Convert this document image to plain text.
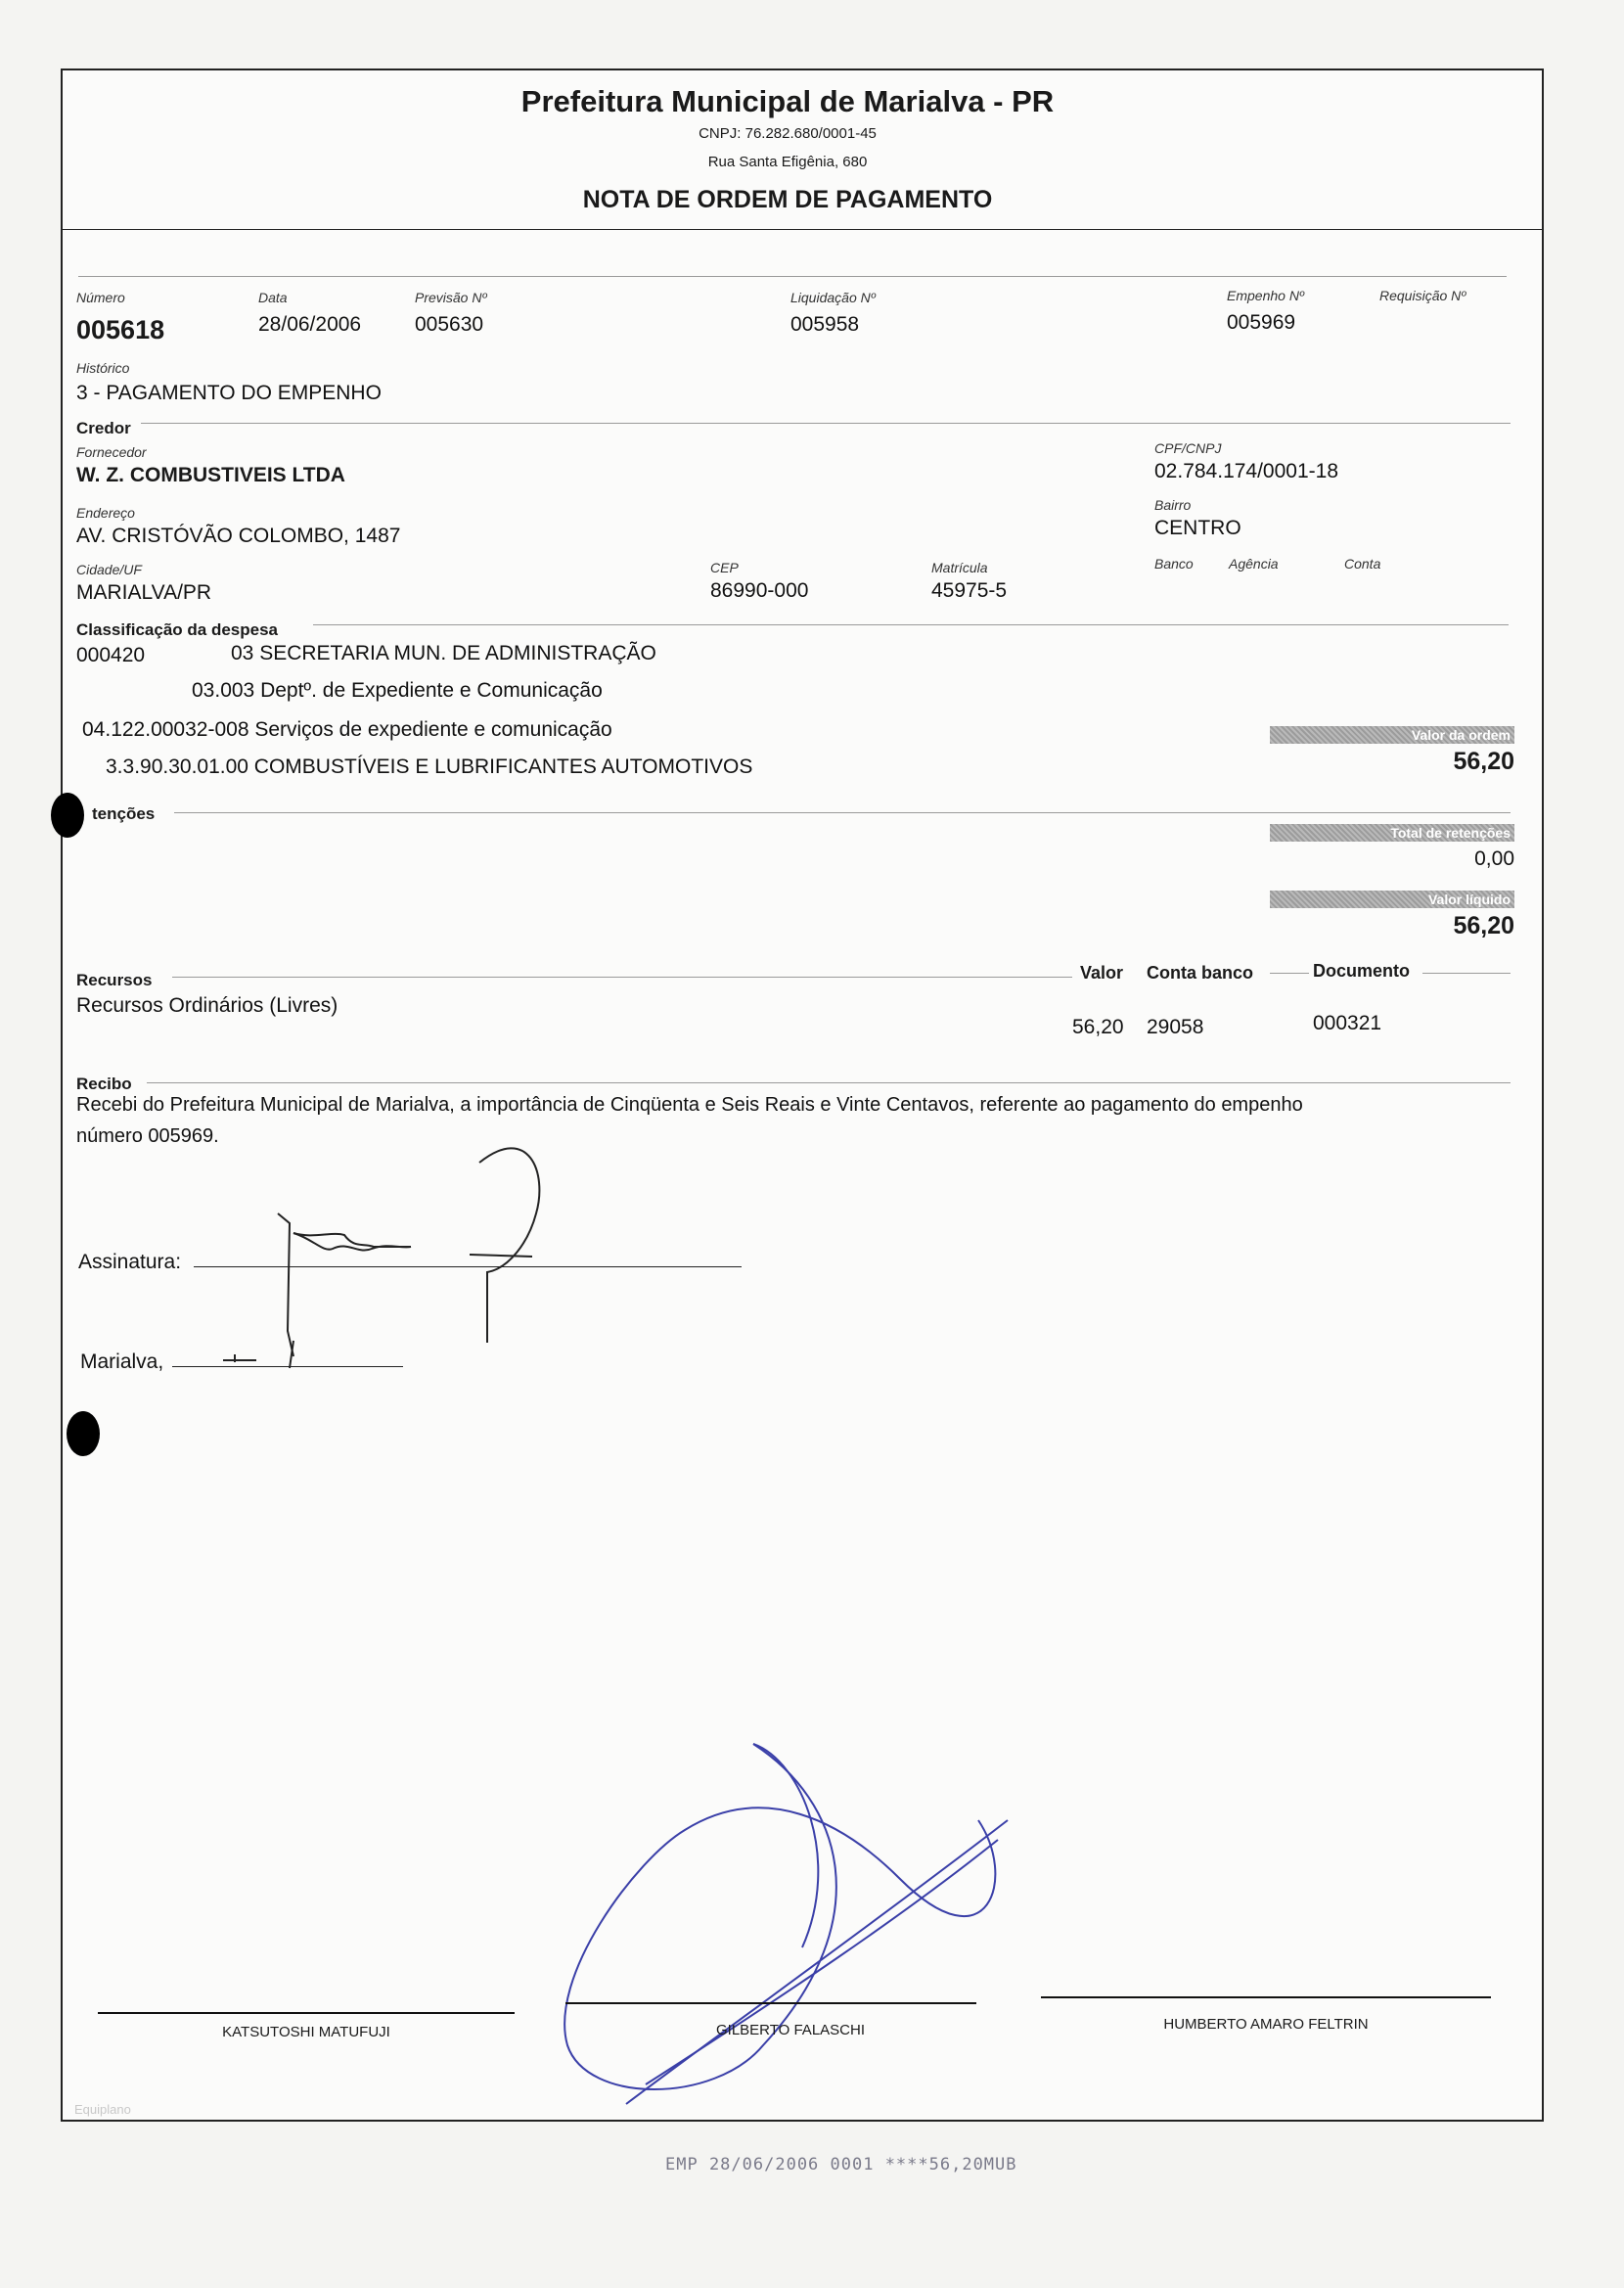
Prefeitura Municipal de Marialva - PR
CNPJ: 76.282.680/0001-45
Rua Santa Efigênia, 680
NOTA DE ORDEM DE PAGAMENTO
Número
005618
Data
28/06/2006
Previsão Nº
005630
Liquidação Nº
005958
Empenho Nº
005969
Requisição Nº
Histórico
3 - PAGAMENTO DO EMPENHO
Credor
Fornecedor
W. Z. COMBUSTIVEIS LTDA
CPF/CNPJ
02.784.174/0001-18
Endereço
AV. CRISTÓVÃO COLOMBO, 1487
Bairro
CENTRO
Cidade/UF
MARIALVA/PR
CEP
86990-000
Matrícula
45975-5
Banco	Agência	Conta
Classificação da despesa
000420	03 SECRETARIA MUN. DE ADMINISTRAÇÃO
03.003 Deptº. de Expediente e Comunicação
04.122.00032-008 Serviços de expediente e comunicação
3.3.90.30.01.00 COMBUSTÍVEIS E LUBRIFICANTES AUTOMOTIVOS
Valor da ordem
56,20
tenções
Total de retenções
0,00
Valor líquido
56,20
Recursos	Valor Conta banco	Documento
Recursos Ordinários (Livres)
56,20 29058	000321
Recibo
Recebi do Prefeitura Municipal de Marialva, a importância de Cinqüenta e Seis Reais e Vinte Centavos, referente ao pagamento do empenho
número 005969.
Assinatura:
Marialva,
KATSUTOSHI MATUFUJI	GILBERTO FALASCHI	HUMBERTO AMARO FELTRIN
Equiplano
EMP 28/06/2006 0001 ****56,20MUB
